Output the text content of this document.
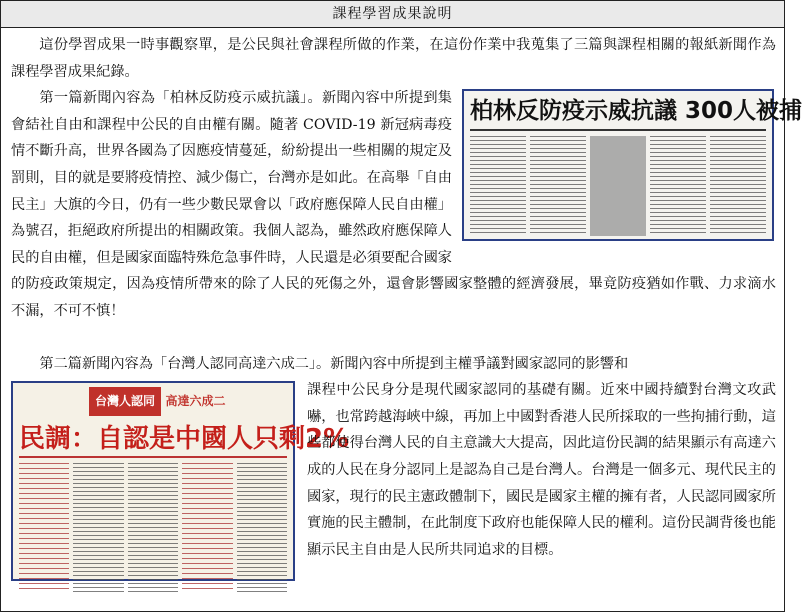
課程學習成果說明

這份學習成果一時事觀察單，是公民與社會課程所做的作業，在這份作業中我蒐集了三篇與課程相關的報紙新聞作為課程學習成果紀錄。

柏林反防疫示威抗議 300人被捕

第一篇新聞內容為「柏林反防疫示威抗議」。新聞內容中所提到集會結社自由和課程中公民的自由權有關。隨著 COVID-19 新冠病毒疫情不斷升高，世界各國為了因應疫情蔓延，紛紛提出一些相關的規定及罰則，目的就是要將疫情控、減少傷亡，台灣亦是如此。在高舉「自由民主」大旗的今日，仍有一些少數民眾會以「政府應保障人民自由權」為號召，拒絕政府所提出的相關政策。我個人認為，雖然政府應保障人民的自由權，但是國家面臨特殊危急事件時，人民還是必須要配合國家的防疫政策規定，因為疫情所帶來的除了人民的死傷之外，還會影響國家整體的經濟發展，畢竟防疫猶如作戰、力求滴水不漏，不可不慎！

第二篇新聞內容為「台灣人認同高達六成二」。新聞內容中所提到主權爭議對國家認同的影響和

台灣人認同 高達六成二
民調：自認是中國人只剩2%

課程中公民身分是現代國家認同的基礎有關。近來中國持續對台灣文攻武嚇，也常跨越海峽中線，再加上中國對香港人民所採取的一些拘捕行動，這些都使得台灣人民的自主意識大大提高，因此這份民調的結果顯示有高達六成的人民在身分認同上是認為自己是台灣人。台灣是一個多元、現代民主的國家，現行的民主憲政體制下，國民是國家主權的擁有者，人民認同國家所實施的民主體制，在此制度下政府也能保障人民的權利。這份民調背後也能顯示民主自由是人民所共同追求的目標。
